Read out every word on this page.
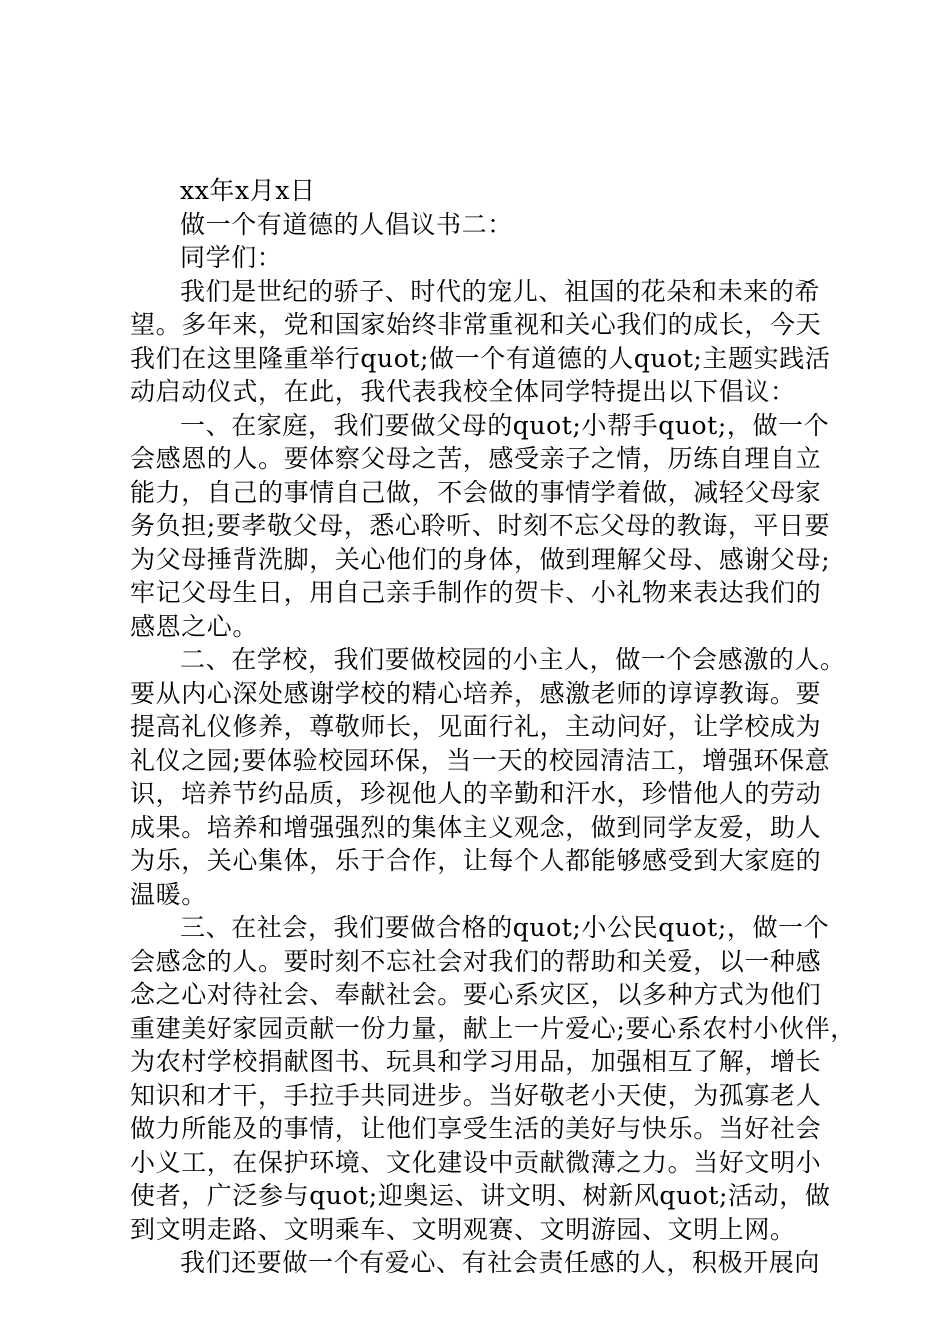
xx年x月x日
做一个有道德的人倡议书二：
同学们：
我们是世纪的骄子、时代的宠儿、祖国的花朵和未来的希
望。多年来，党和国家始终非常重视和关心我们的成长，今天
我们在这里隆重举行quot;做一个有道德的人quot;主题实践活
动启动仪式，在此，我代表我校全体同学特提出以下倡议：
一、在家庭，我们要做父母的quot;小帮手quot;，做一个
会感恩的人。要体察父母之苦，感受亲子之情，历练自理自立
能力，自己的事情自己做，不会做的事情学着做，减轻父母家
务负担;要孝敬父母，悉心聆听、时刻不忘父母的教诲，平日要
为父母捶背洗脚，关心他们的身体，做到理解父母、感谢父母;
牢记父母生日，用自己亲手制作的贺卡、小礼物来表达我们的
感恩之心。
二、在学校，我们要做校园的小主人，做一个会感激的人。
要从内心深处感谢学校的精心培养，感激老师的谆谆教诲。要
提高礼仪修养，尊敬师长，见面行礼，主动问好，让学校成为
礼仪之园;要体验校园环保，当一天的校园清洁工，增强环保意
识，培养节约品质，珍视他人的辛勤和汗水，珍惜他人的劳动
成果。培养和增强强烈的集体主义观念，做到同学友爱，助人
为乐，关心集体，乐于合作，让每个人都能够感受到大家庭的
温暖。
三、在社会，我们要做合格的quot;小公民quot;，做一个
会感念的人。要时刻不忘社会对我们的帮助和关爱，以一种感
念之心对待社会、奉献社会。要心系灾区，以多种方式为他们
重建美好家园贡献一份力量，献上一片爱心;要心系农村小伙伴，
为农村学校捐献图书、玩具和学习用品，加强相互了解，增长
知识和才干，手拉手共同进步。当好敬老小天使，为孤寡老人
做力所能及的事情，让他们享受生活的美好与快乐。当好社会
小义工，在保护环境、文化建设中贡献微薄之力。当好文明小
使者，广泛参与quot;迎奥运、讲文明、树新风quot;活动，做
到文明走路、文明乘车、文明观赛、文明游园、文明上网。
我们还要做一个有爱心、有社会责任感的人，积极开展向
